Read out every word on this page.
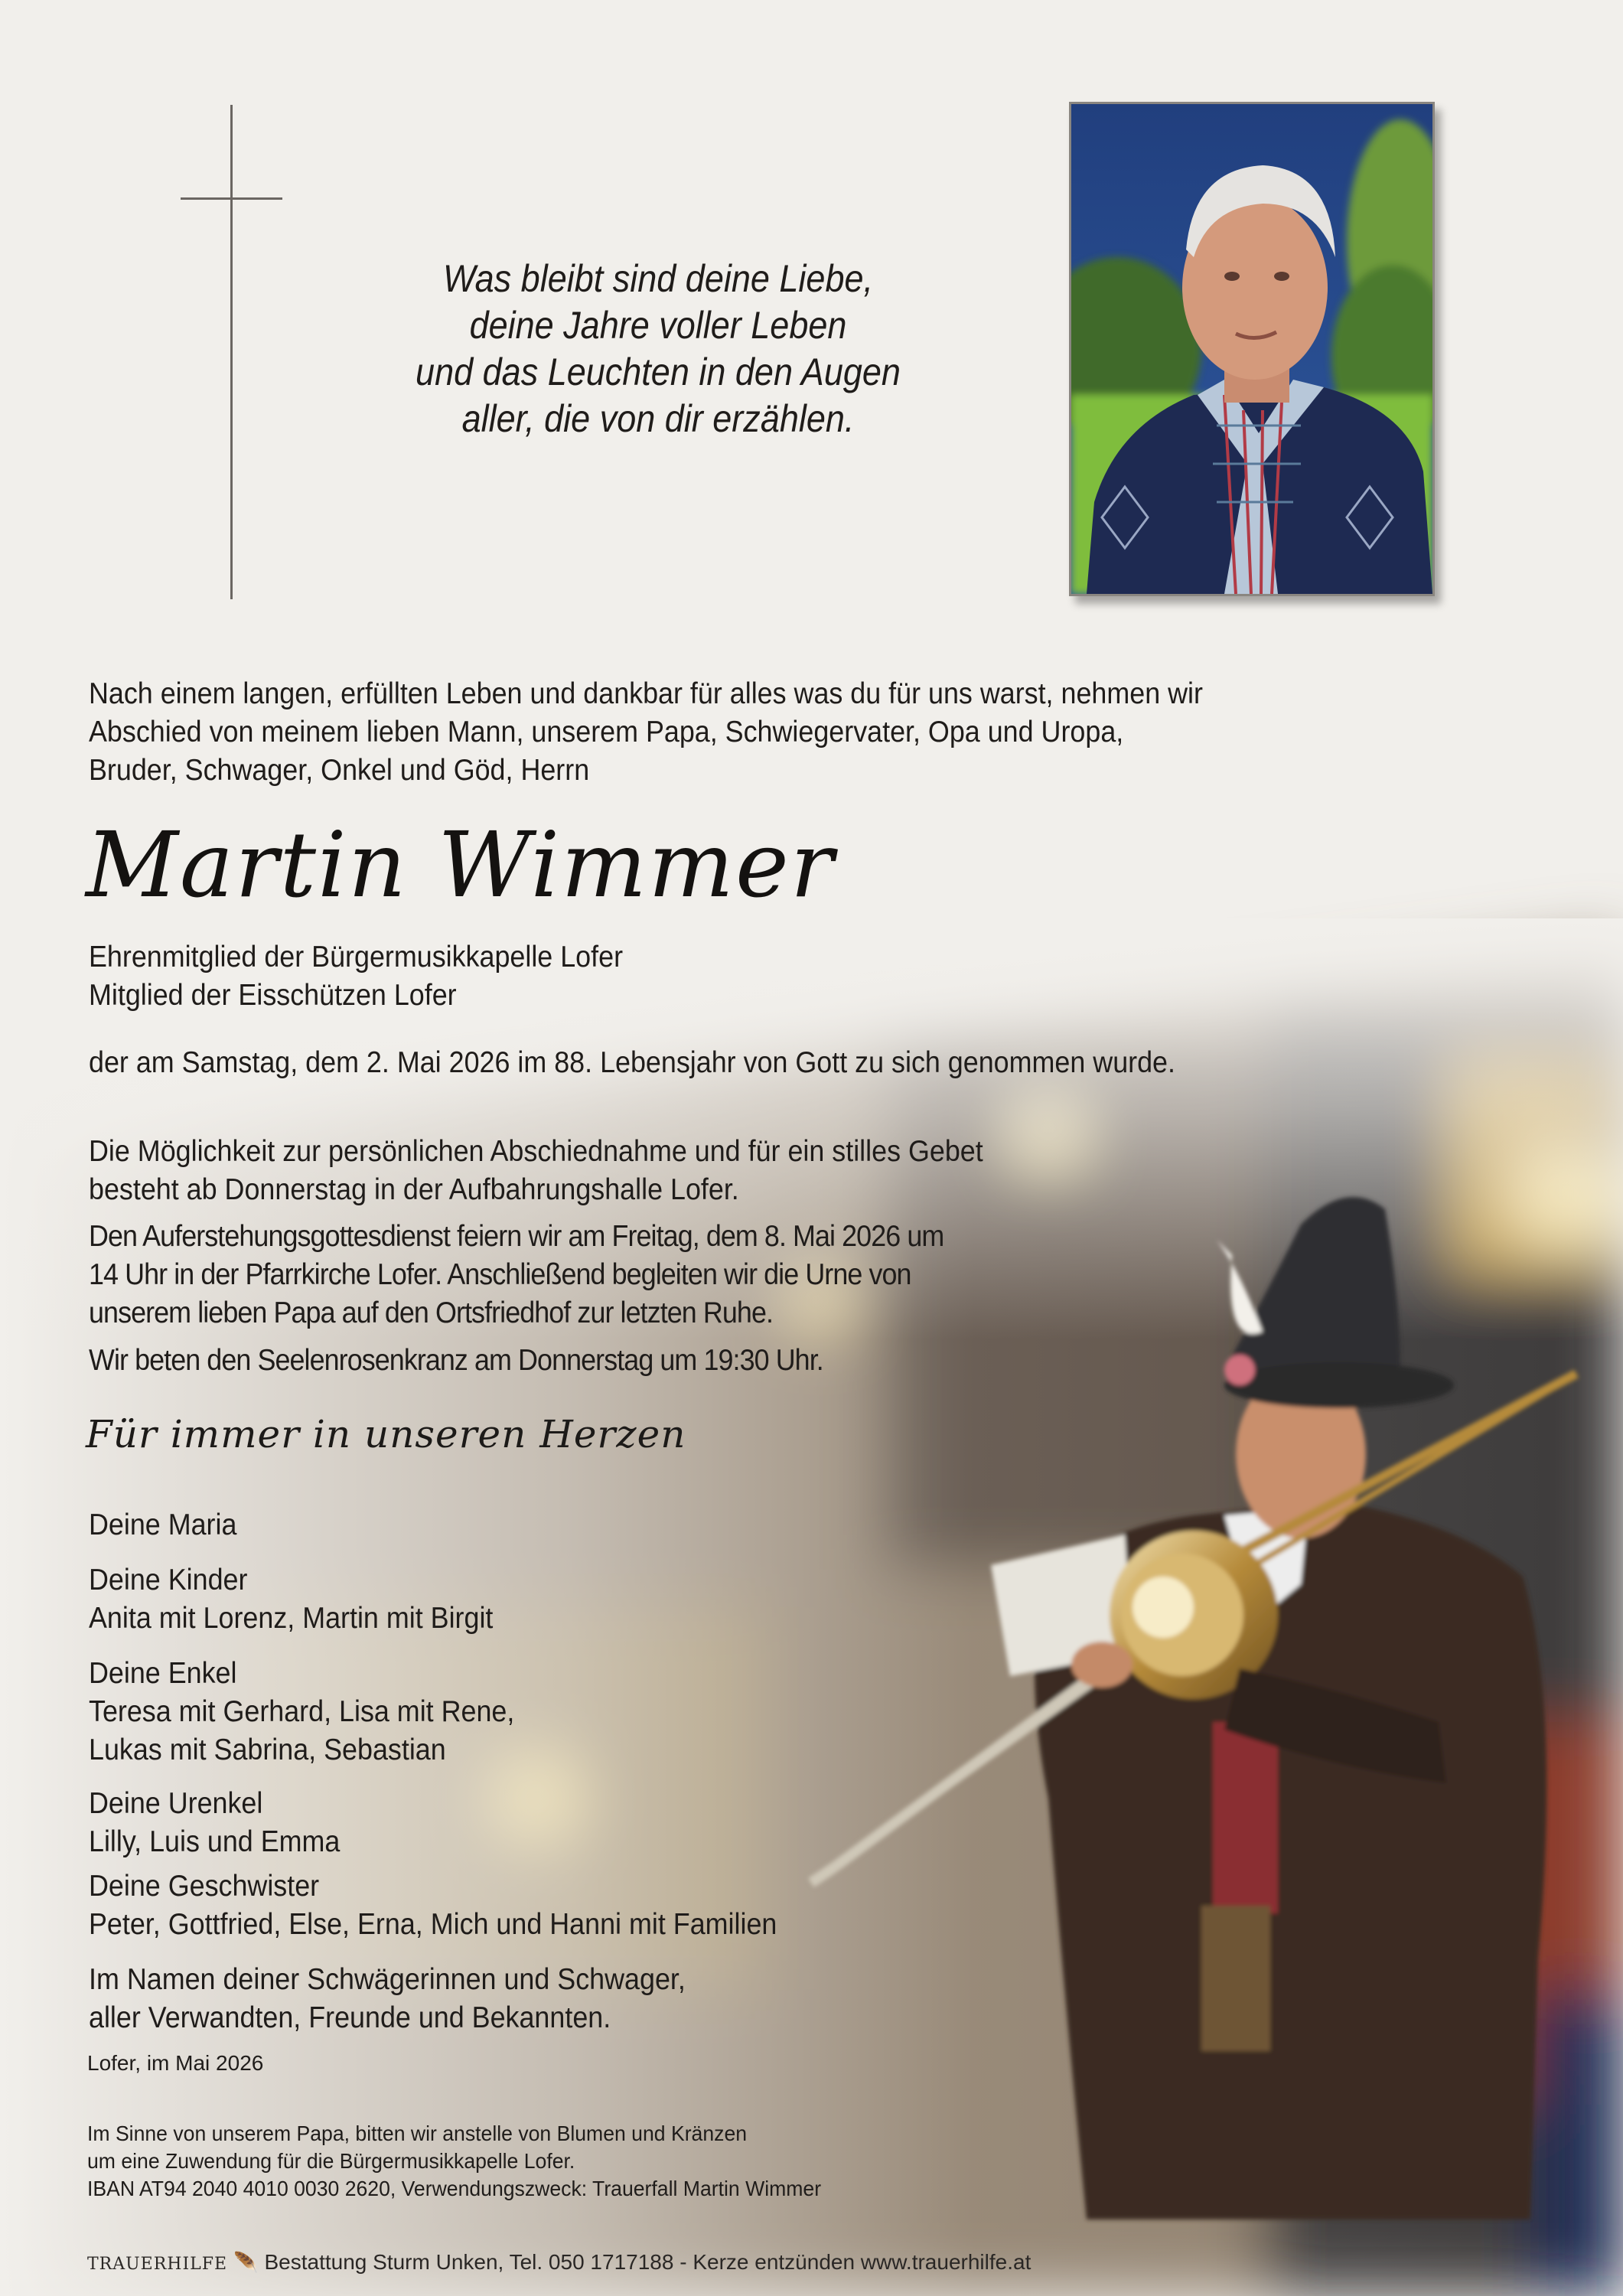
Was bleibt sind deine Liebe,
deine Jahre voller Leben
und das Leuchten in den Augen
aller, die von dir erzählen.
Nach einem langen, erfüllten Leben und dankbar für alles was du für uns warst, nehmen wir
Abschied von meinem lieben Mann, unserem Papa, Schwiegervater, Opa und Uropa,
Bruder, Schwager, Onkel und Göd, Herrn
Martin Wimmer
Ehrenmitglied der Bürgermusikkapelle Lofer
Mitglied der Eisschützen Lofer
der am Samstag, dem 2. Mai 2026 im 88. Lebensjahr von Gott zu sich genommen wurde.
Die Möglichkeit zur persönlichen Abschiednahme und für ein stilles Gebet
besteht ab Donnerstag in der Aufbahrungshalle Lofer.
Den Auferstehungsgottesdienst feiern wir am Freitag, dem 8. Mai 2026 um
14 Uhr in der Pfarrkirche Lofer. Anschließend begleiten wir die Urne von
unserem lieben Papa auf den Ortsfriedhof zur letzten Ruhe.
Wir beten den Seelenrosenkranz am Donnerstag um 19:30 Uhr.
Für immer in unseren Herzen
Deine Maria
Deine Kinder
Anita mit Lorenz, Martin mit Birgit
Deine Enkel
Teresa mit Gerhard, Lisa mit Rene,
Lukas mit Sabrina, Sebastian
Deine Urenkel
Lilly, Luis und Emma
Deine Geschwister
Peter, Gottfried, Else, Erna, Mich und Hanni mit Familien
Im Namen deiner Schwägerinnen und Schwager,
aller Verwandten, Freunde und Bekannten.
Lofer, im Mai 2026
Im Sinne von unserem Papa, bitten wir anstelle von Blumen und Kränzen
um eine Zuwendung für die Bürgermusikkapelle Lofer.
IBAN AT94 2040 4010 0030 2620, Verwendungszweck: Trauerfall Martin Wimmer
TRAUERHILFE 🪶 Bestattung Sturm Unken, Tel. 050 1717188 - Kerze entzünden www.trauerhilfe.at
